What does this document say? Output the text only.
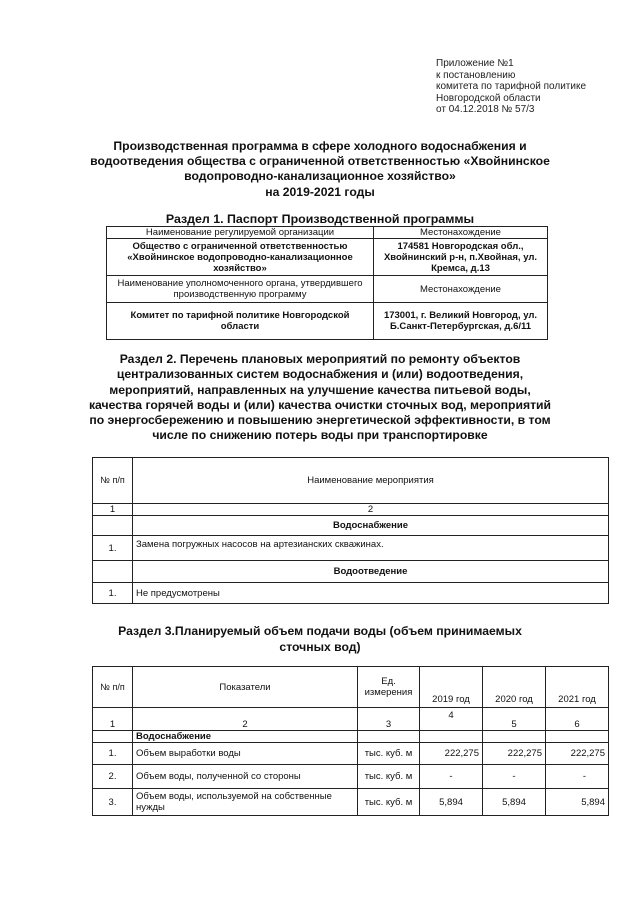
Приложение №1
к постановлению
комитета по тарифной политике
Новгородской области
от 04.12.2018 № 57/3
Производственная программа в сфере холодного водоснабжения и
водоотведения общества с ограниченной ответственностью «Хвойнинское
водопроводно-канализационное хозяйство»
на 2019-2021 годы
Раздел 1. Паспорт Производственной программы
Наименование регулируемой организации	Местонахождение
Общество с ограниченной ответственностью «Хвойнинское водопроводно-канализационное хозяйство»	174581 Новгородская обл., Хвойнинский р-н, п.Хвойная, ул. Кремса, д.13
Наименование уполномоченного органа, утвердившего производственную программу	Местонахождение
Комитет по тарифной политике Новгородской области	173001, г. Великий Новгород, ул. Б.Санкт-Петербургская, д.6/11
Раздел 2. Перечень плановых мероприятий по ремонту объектов
централизованных систем водоснабжения и (или) водоотведения,
мероприятий, направленных на улучшение качества питьевой воды,
качества горячей воды и (или) качества очистки сточных вод, мероприятий
по энергосбережению и повышению энергетической эффективности, в том
числе по снижению потерь воды при транспортировке
№ п/п	Наименование мероприятия
1	2
	Водоснабжение
1.	Замена погружных насосов на артезианских скважинах.
	Водоотведение
1.	Не предусмотрены
Раздел 3.Планируемый объем подачи воды (объем принимаемых
сточных вод)
№ п/п	Показатели	Ед. измерения	2019 год	2020 год	2021 год
1	2	3	4	5	6
	Водоснабжение				
1.	Объем выработки воды	тыс. куб. м	222,275	222,275	222,275
2.	Объем воды, полученной со стороны	тыс. куб. м	-	-	-
3.	Объем воды, используемой на собственные нужды	тыс. куб. м	5,894	5,894	5,894
